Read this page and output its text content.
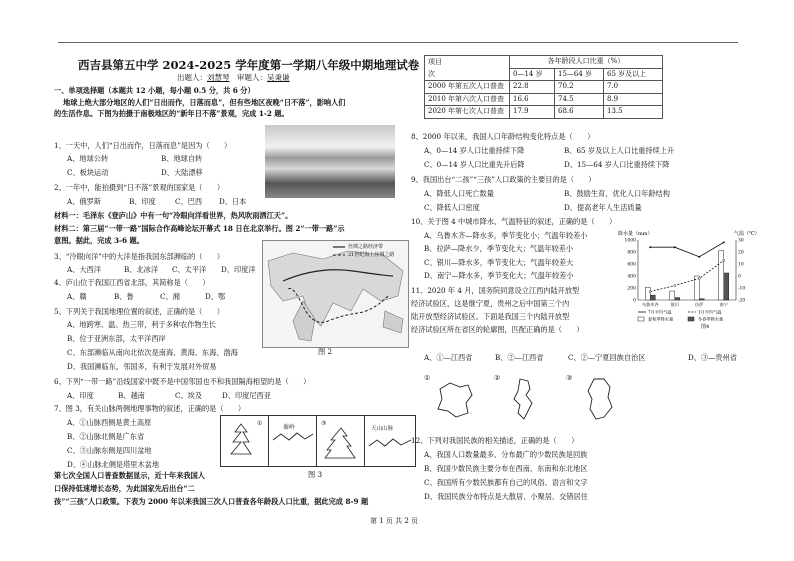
西吉县第五中学 2024-2025 学年度第一学期八年级中期地理试卷
出题人：刘慧琴　 审题人：吴秉谦
一、单项选择题（本题共 12 小题，每小题 0.5 分，共 6 分）
地球上绝大部分地区的人们“日出而作，日落而息”，但有些地区夜晚“日不落”，影响人们
的生活作息。下图为拍摄于南极地区的“新年日不落”景观，完成 1-2 题。
1、一天中，人们“日出而作，日落而息”是因为（　　）
A、地球公转	B、地球自转
C、板块运动	D、大陆漂移
2、一年中，能拍摄到“日不落”景观的国家是（　　）
A、俄罗斯	B、印度	C、巴西 D、日本
材料一：毛泽东《登庐山》中有一句“冷眼向洋看世界，热风吹雨洒江天”。
材料二：第三届“一带一路”国际合作高峰论坛开幕式 18 日在北京举行。图 2“一带一路”示
意图。据此，完成 3-6 题。
3、“冷眼向洋”中的大洋是指我国东部濒临的（　　）
A、大西洋	B、北冰洋 C、太平洋 D、印度洋
4、庐山位于我国江西省北部，其简称是（　　）
A、赣	B、鲁	C、湘	D、鄂
5、下列关于我国地理位置的叙述，正确的是（　　）
A、地跨寒、温、热三带，利于多种农作物生长
B、位于亚洲东部，太平洋西岸
C、东部濒临从南向北依次是南海、黄海、东海、渤海
D、我国濒临东，邻国多，有利于发展对外贸易
丝绸之路经济带
21世纪海上丝绸之路
图 2
6、下列“一带一路”沿线国家中既不是中国邻国也不和我国隔海相望的是（　　）
A、印度	B、越南	C、埃及	D、印度尼西亚
7、图 3，有关山脉两侧地理事物的叙述，正确的是（　　）
A、①山脉西侧是黄土高原
B、②山脉北侧是广东省
C、③山脉东侧是四川盆地
D、④山脉北侧是塔里木盆地
①
秦岭
③
天山山脉
图 3
第七次全国人口普查数据显示，近十年来我国人
口保持低速增长态势，为此国家先后出台“二
孩”“三孩”人口政策。下表为 2000 年以来我国三次人口普查各年龄段人口比重，据此完成 8-9 题
项目	各年龄段人口比重（%）		
次	0—14 岁	15—64 岁	65 岁及以上
2000 年第五次人口普查	22.8	70.2	7.0
2010 年第六次人口普查	16.6	74.5	8.9
2020 年第七次人口普查	17.9	68.6	13.5
8、2000 年以来，我国人口年龄结构变化特点是（　　）
A、0—14 岁人口比重持续下降	B、65 岁及以上人口比重持续上升
C、0—14 岁人口比重先升后降	D、15—64 岁人口比重持续下降
9、我国出台“二孩”“三孩”人口政策的主要目的是（　　）
A、降低人口死亡数量	B、鼓励生育，优化人口年龄结构
C、降低人口密度	D、提高老年人生活质量
10、关于图 4 中城市降水、气温特征的叙述，正确的是（　　）
A、乌鲁木齐—降水多，季节变化小；气温年较差小
B、拉萨—降水少，季节变化大；气温年较差小
C、银川—降水多，季节变化大；气温年较差大
D、南宁—降水多，季节变化大；气温年较差小
降水量（mm）	气温（℃）
1000
800
600
400
200
0
30
20
10
0
-10
-20
乌鲁木齐	银川	拉萨	南宁
7月平均气温	1月平均气温
夏秋季降水量	冬春季降水量
图4
11、2020 年 4 月，国务院同意设立江西内陆开放型
经济试验区，这是继宁夏，贵州之后中国第三个内
陆开放型经济试验区。下面是我国三个内陆开放型
经济试验区所在省区的轮廓图，匹配正确的是（　　）
A、①—江西省	B、②—江西省	C、②—宁夏回族自治区	D、③—贵州省
①	②	③
12、下列对我国民族的相关描述，正确的是（　　）
A、我国人口数量最多、分布最广的少数民族是回族
B、我国少数民族主要分布在西南、东南和东北地区
C、我国所有少数民族都有自己的风俗、语言和文字
D、我国民族分布特点是大散居、小聚居、交错居住
第 1 页 共 2 页
